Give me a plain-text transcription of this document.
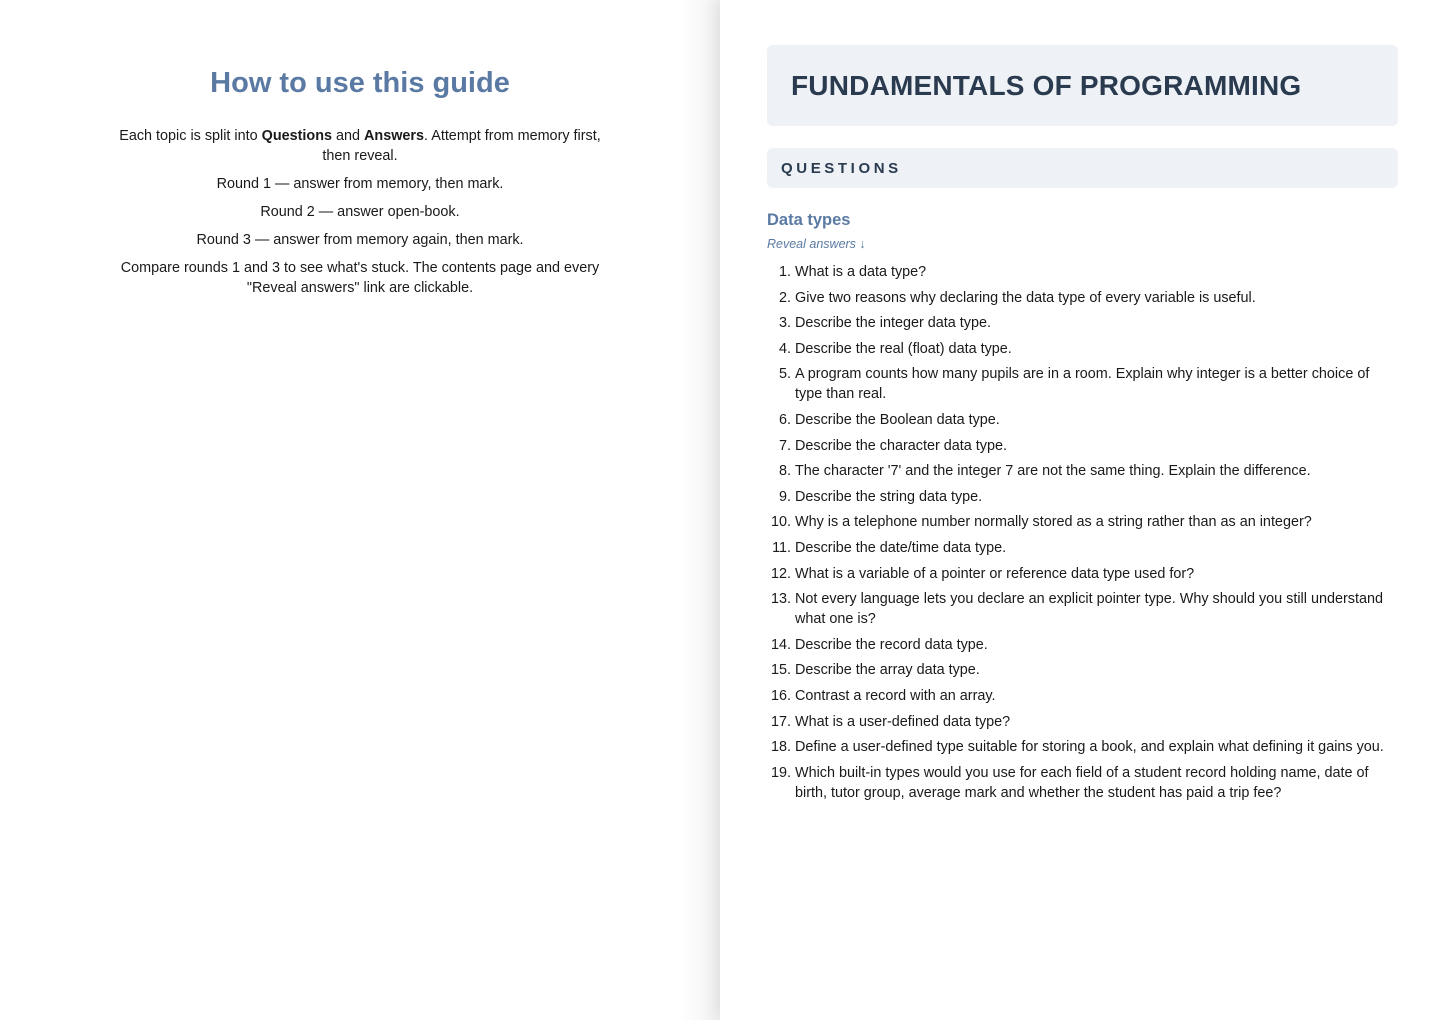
How to use this guide

Each topic is split into Questions and Answers. Attempt from memory first, then reveal.

Round 1 — answer from memory, then mark.

Round 2 — answer open-book.

Round 3 — answer from memory again, then mark.

Compare rounds 1 and 3 to see what's stuck. The contents page and every "Reveal answers" link are clickable.

FUNDAMENTALS OF PROGRAMMING
QUESTIONS
Data types
Reveal answers ↓
1.
What is a data type?
2.
Give two reasons why declaring the data type of every variable is useful.
3.
Describe the integer data type.
4.
Describe the real (float) data type.
5.
A program counts how many pupils are in a room. Explain why integer is a better choice of type than real.
6.
Describe the Boolean data type.
7.
Describe the character data type.
8.
The character '7' and the integer 7 are not the same thing. Explain the difference.
9.
Describe the string data type.
10.
Why is a telephone number normally stored as a string rather than as an integer?
11.
Describe the date/time data type.
12.
What is a variable of a pointer or reference data type used for?
13.
Not every language lets you declare an explicit pointer type. Why should you still understand what one is?
14.
Describe the record data type.
15.
Describe the array data type.
16.
Contrast a record with an array.
17.
What is a user-defined data type?
18.
Define a user-defined type suitable for storing a book, and explain what defining it gains you.
19.
Which built-in types would you use for each field of a student record holding name, date of birth, tutor group, average mark and whether the student has paid a trip fee?
